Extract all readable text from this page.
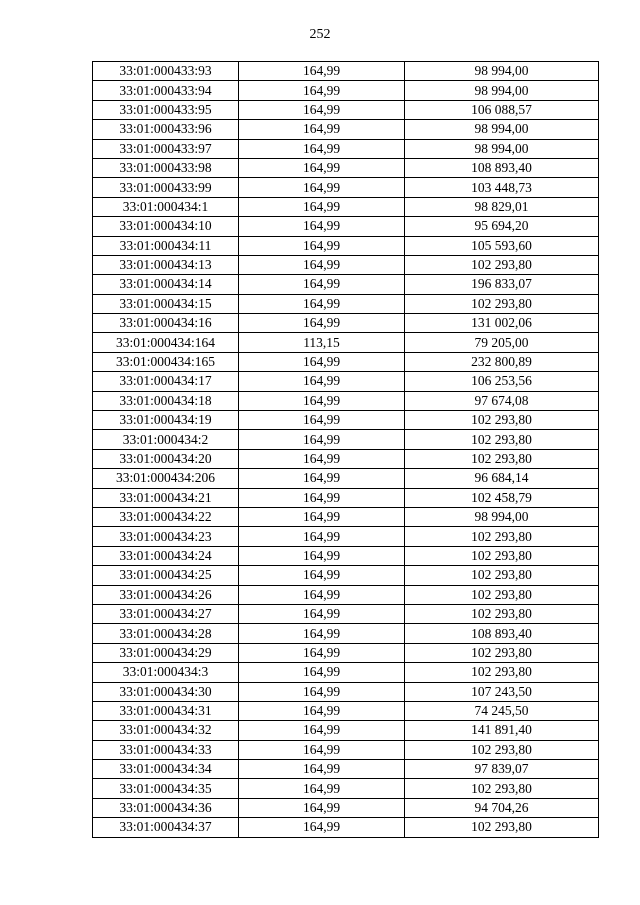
252
33:01:000433:93	164,99	98 994,00
33:01:000433:94	164,99	98 994,00
33:01:000433:95	164,99	106 088,57
33:01:000433:96	164,99	98 994,00
33:01:000433:97	164,99	98 994,00
33:01:000433:98	164,99	108 893,40
33:01:000433:99	164,99	103 448,73
33:01:000434:1	164,99	98 829,01
33:01:000434:10	164,99	95 694,20
33:01:000434:11	164,99	105 593,60
33:01:000434:13	164,99	102 293,80
33:01:000434:14	164,99	196 833,07
33:01:000434:15	164,99	102 293,80
33:01:000434:16	164,99	131 002,06
33:01:000434:164	113,15	79 205,00
33:01:000434:165	164,99	232 800,89
33:01:000434:17	164,99	106 253,56
33:01:000434:18	164,99	97 674,08
33:01:000434:19	164,99	102 293,80
33:01:000434:2	164,99	102 293,80
33:01:000434:20	164,99	102 293,80
33:01:000434:206	164,99	96 684,14
33:01:000434:21	164,99	102 458,79
33:01:000434:22	164,99	98 994,00
33:01:000434:23	164,99	102 293,80
33:01:000434:24	164,99	102 293,80
33:01:000434:25	164,99	102 293,80
33:01:000434:26	164,99	102 293,80
33:01:000434:27	164,99	102 293,80
33:01:000434:28	164,99	108 893,40
33:01:000434:29	164,99	102 293,80
33:01:000434:3	164,99	102 293,80
33:01:000434:30	164,99	107 243,50
33:01:000434:31	164,99	74 245,50
33:01:000434:32	164,99	141 891,40
33:01:000434:33	164,99	102 293,80
33:01:000434:34	164,99	97 839,07
33:01:000434:35	164,99	102 293,80
33:01:000434:36	164,99	94 704,26
33:01:000434:37	164,99	102 293,80
